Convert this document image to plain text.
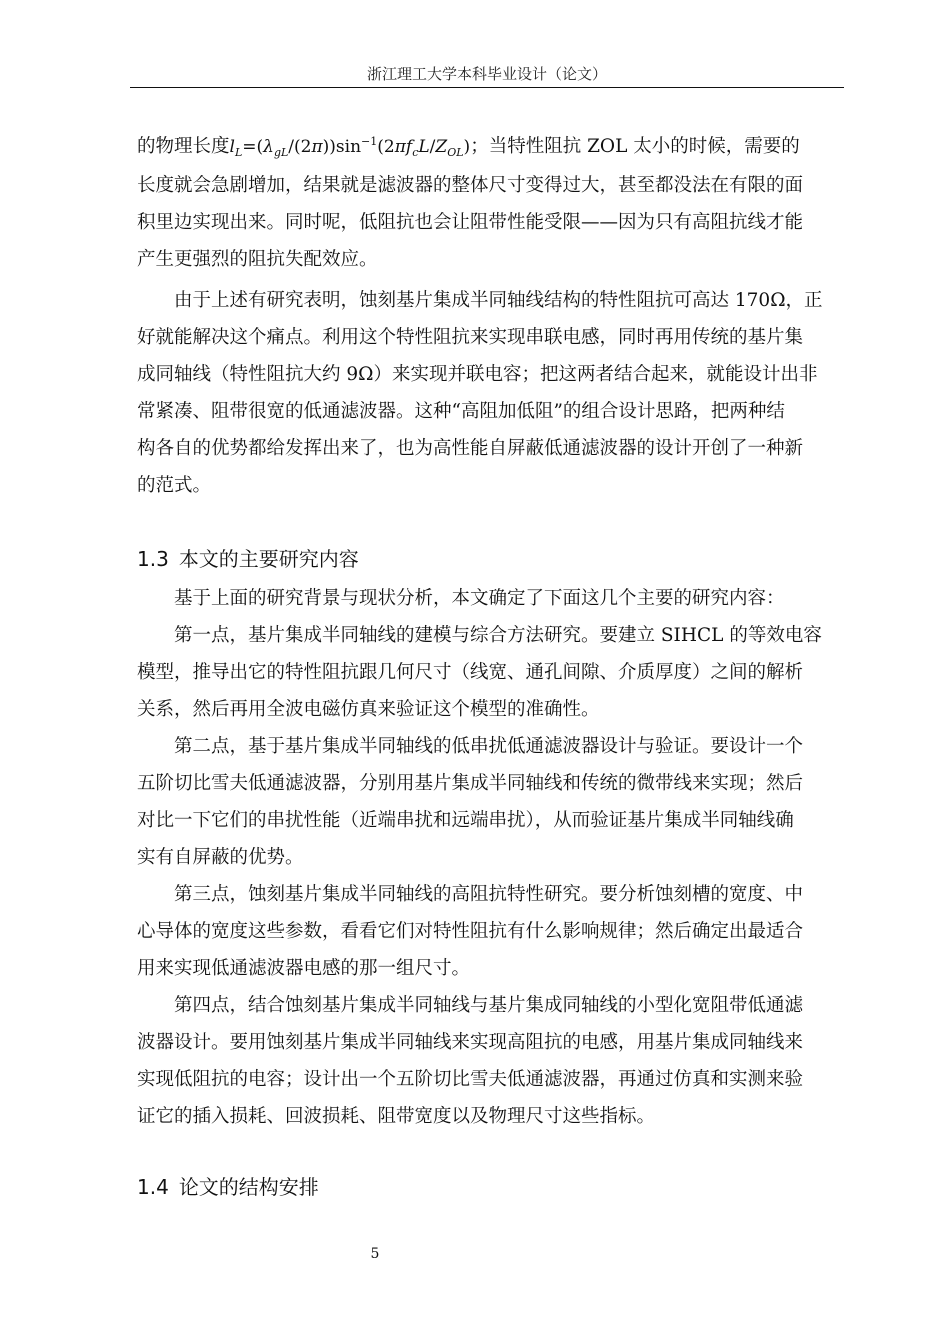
浙江理工大学本科毕业设计（论文）
的物理长度$l_L=(\lambda_{gL}/(2\pi))\sin^{-1}(2\pi f_cL/Z_{OL})$；当特性阻抗 ZOL 太小的时候，需要的
长度就会急剧增加，结果就是滤波器的整体尺寸变得过大，甚至都没法在有限的面
积里边实现出来。同时呢，低阻抗也会让阻带性能受限——因为只有高阻抗线才能
产生更强烈的阻抗失配效应。
由于上述有研究表明，蚀刻基片集成半同轴线结构的特性阻抗可高达 170Ω，正
好就能解决这个痛点。利用这个特性阻抗来实现串联电感，同时再用传统的基片集
成同轴线（特性阻抗大约 9Ω）来实现并联电容；把这两者结合起来，就能设计出非
常紧凑、阻带很宽的低通滤波器。这种“高阻加低阻”的组合设计思路，把两种结
构各自的优势都给发挥出来了，也为高性能自屏蔽低通滤波器的设计开创了一种新
的范式。
1.3 本文的主要研究内容
基于上面的研究背景与现状分析，本文确定了下面这几个主要的研究内容：
第一点，基片集成半同轴线的建模与综合方法研究。要建立 SIHCL 的等效电容
模型，推导出它的特性阻抗跟几何尺寸（线宽、通孔间隙、介质厚度）之间的解析
关系，然后再用全波电磁仿真来验证这个模型的准确性。
第二点，基于基片集成半同轴线的低串扰低通滤波器设计与验证。要设计一个
五阶切比雪夫低通滤波器，分别用基片集成半同轴线和传统的微带线来实现；然后
对比一下它们的串扰性能（近端串扰和远端串扰），从而验证基片集成半同轴线确
实有自屏蔽的优势。
第三点，蚀刻基片集成半同轴线的高阻抗特性研究。要分析蚀刻槽的宽度、中
心导体的宽度这些参数，看看它们对特性阻抗有什么影响规律；然后确定出最适合
用来实现低通滤波器电感的那一组尺寸。
第四点，结合蚀刻基片集成半同轴线与基片集成同轴线的小型化宽阻带低通滤
波器设计。要用蚀刻基片集成半同轴线来实现高阻抗的电感，用基片集成同轴线来
实现低阻抗的电容；设计出一个五阶切比雪夫低通滤波器，再通过仿真和实测来验
证它的插入损耗、回波损耗、阻带宽度以及物理尺寸这些指标。
1.4 论文的结构安排
5
